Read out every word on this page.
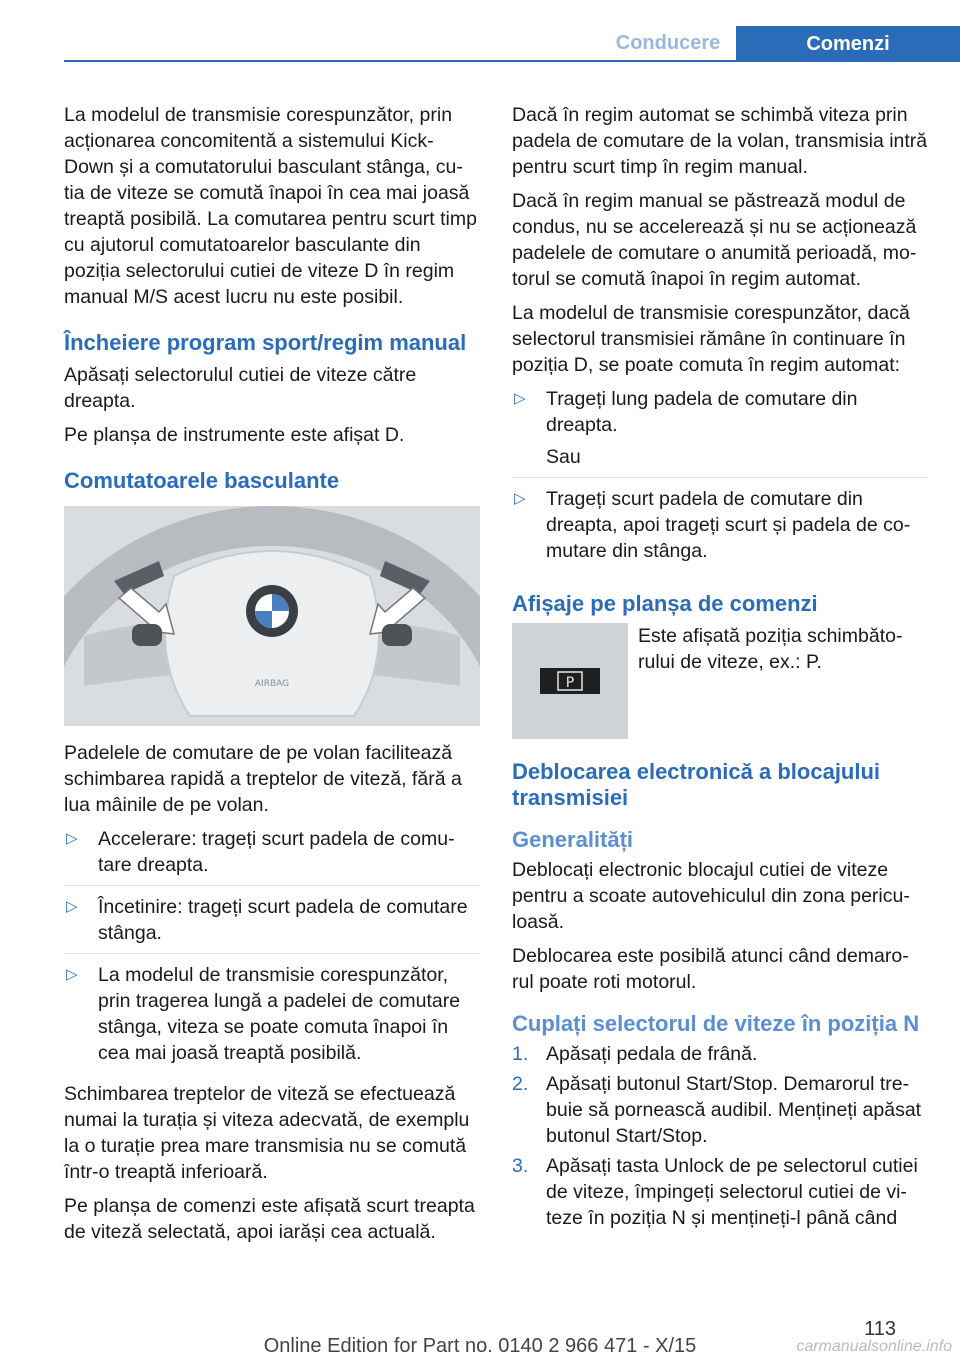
Conducere	Comenzi

La modelul de transmisie corespunzător, prin acționarea concomitentă a sistemului Kick-Down și a comutatorului basculant stânga, cu-tia de viteze se comută înapoi în cea mai joasă treaptă posibilă. La comutarea pentru scurt timp cu ajutorul comutatoarelor basculante din poziția selectorului cutiei de viteze D în regim manual M/S acest lucru nu este posibil.

Încheiere program sport/regim manual

Apăsați selectorulul cutiei de viteze către dreapta.

Pe planșa de instrumente este afișat D.

Comutatoarele basculante
AIRBAG

Padelele de comutare de pe volan facilitează schimbarea rapidă a treptelor de viteză, fără a lua mâinile de pe volan.

▷ Accelerare: trageți scurt padela de comu-tare dreapta.
▷ Încetinire: trageți scurt padela de comutare stânga.
▷ La modelul de transmisie corespunzător, prin tragerea lungă a padelei de comutare stânga, viteza se poate comuta înapoi în cea mai joasă treaptă posibilă.

Schimbarea treptelor de viteză se efectuează numai la turația și viteza adecvată, de exemplu la o turație prea mare transmisia nu se comută într-o treaptă inferioară.

Pe planșa de comenzi este afișată scurt treapta de viteză selectată, apoi iarăși cea actuală.

Dacă în regim automat se schimbă viteza prin padela de comutare de la volan, transmisia intră pentru scurt timp în regim manual.

Dacă în regim manual se păstrează modul de condus, nu se accelerează și nu se acționează padelele de comutare o anumită perioadă, mo-torul se comută înapoi în regim automat.

La modelul de transmisie corespunzător, dacă selectorul transmisiei rămâne în continuare în poziția D, se poate comuta în regim automat:

▷ Trageți lung padela de comutare din dreapta.
Sau
▷ Trageți scurt padela de comutare din dreapta, apoi trageți scurt și padela de co-mutare din stânga.
Afișaje pe planșa de comenzi
P
Este afișată poziția schimbăto-rului de viteze, ex.: P.
Deblocarea electronică a blocajului transmisiei
Generalități

Deblocați electronic blocajul cutiei de viteze pentru a scoate autovehiculul din zona pericu-loasă.

Deblocarea este posibilă atunci când demaro-rul poate roti motorul.

Cuplați selectorul de viteze în poziția N
1. Apăsați pedala de frână.
2. Apăsați butonul Start/Stop. Demarorul tre-buie să pornească audibil. Mențineți apăsat butonul Start/Stop.
3. Apăsați tasta Unlock de pe selectorul cutiei de viteze, împingeți selectorul cutiei de vi-teze în poziția N și mențineți-l până când
113
Online Edition for Part no. 0140 2 966 471 - X/15	carmanualsonline.info
